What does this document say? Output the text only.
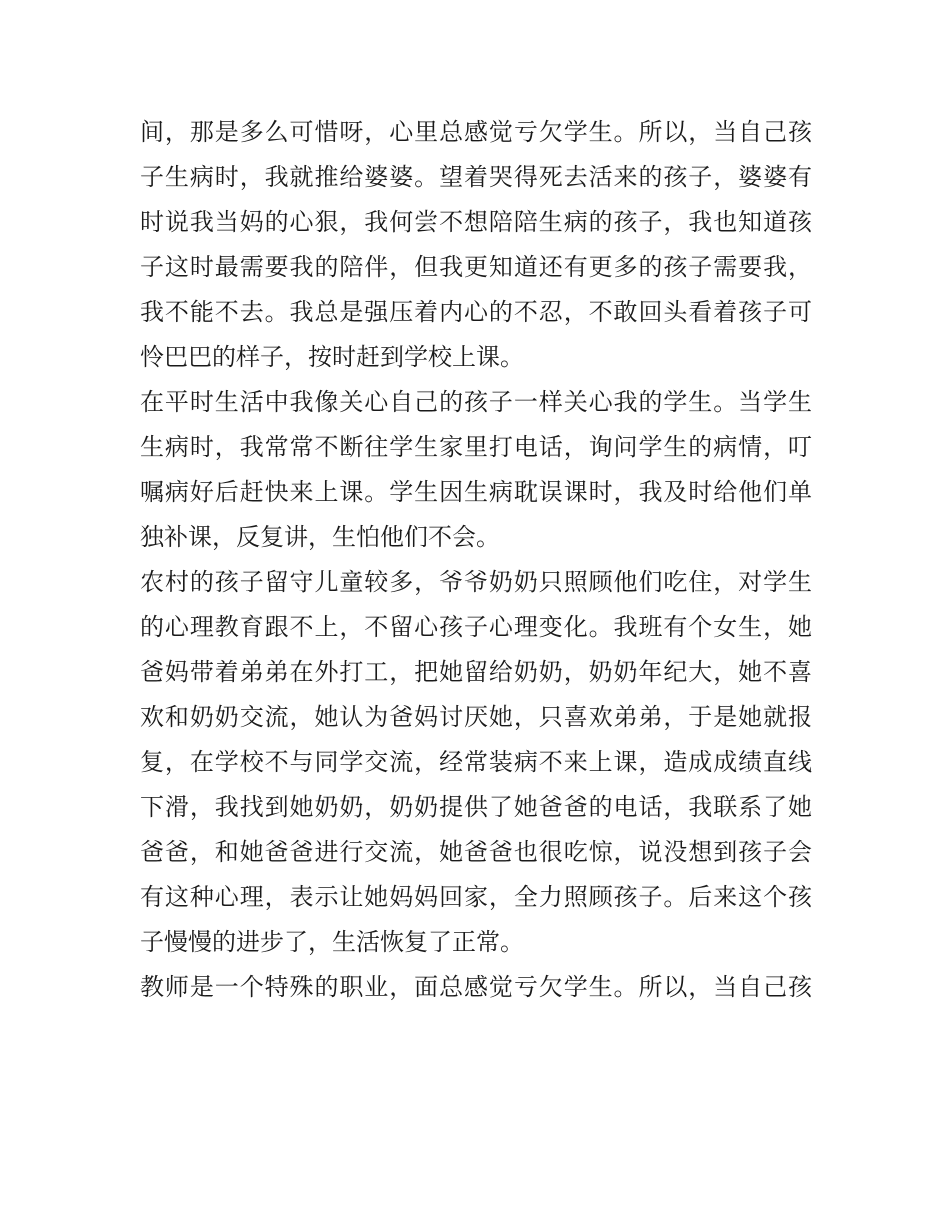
间，那是多么可惜呀，心里总感觉亏欠学生。所以，当自己孩
子生病时，我就推给婆婆。望着哭得死去活来的孩子，婆婆有
时说我当妈的心狠，我何尝不想陪陪生病的孩子，我也知道孩
子这时最需要我的陪伴，但我更知道还有更多的孩子需要我，
我不能不去。我总是强压着内心的不忍，不敢回头看着孩子可
怜巴巴的样子，按时赶到学校上课。
在平时生活中我像关心自己的孩子一样关心我的学生。当学生
生病时，我常常不断往学生家里打电话，询问学生的病情，叮
嘱病好后赶快来上课。学生因生病耽误课时，我及时给他们单
独补课，反复讲，生怕他们不会。
农村的孩子留守儿童较多，爷爷奶奶只照顾他们吃住，对学生
的心理教育跟不上，不留心孩子心理变化。我班有个女生，她
爸妈带着弟弟在外打工，把她留给奶奶，奶奶年纪大，她不喜
欢和奶奶交流，她认为爸妈讨厌她，只喜欢弟弟，于是她就报
复，在学校不与同学交流，经常装病不来上课，造成成绩直线
下滑，我找到她奶奶，奶奶提供了她爸爸的电话，我联系了她
爸爸，和她爸爸进行交流，她爸爸也很吃惊，说没想到孩子会
有这种心理，表示让她妈妈回家，全力照顾孩子。后来这个孩
子慢慢的进步了，生活恢复了正常。
教师是一个特殊的职业，面总感觉亏欠学生。所以，当自己孩
